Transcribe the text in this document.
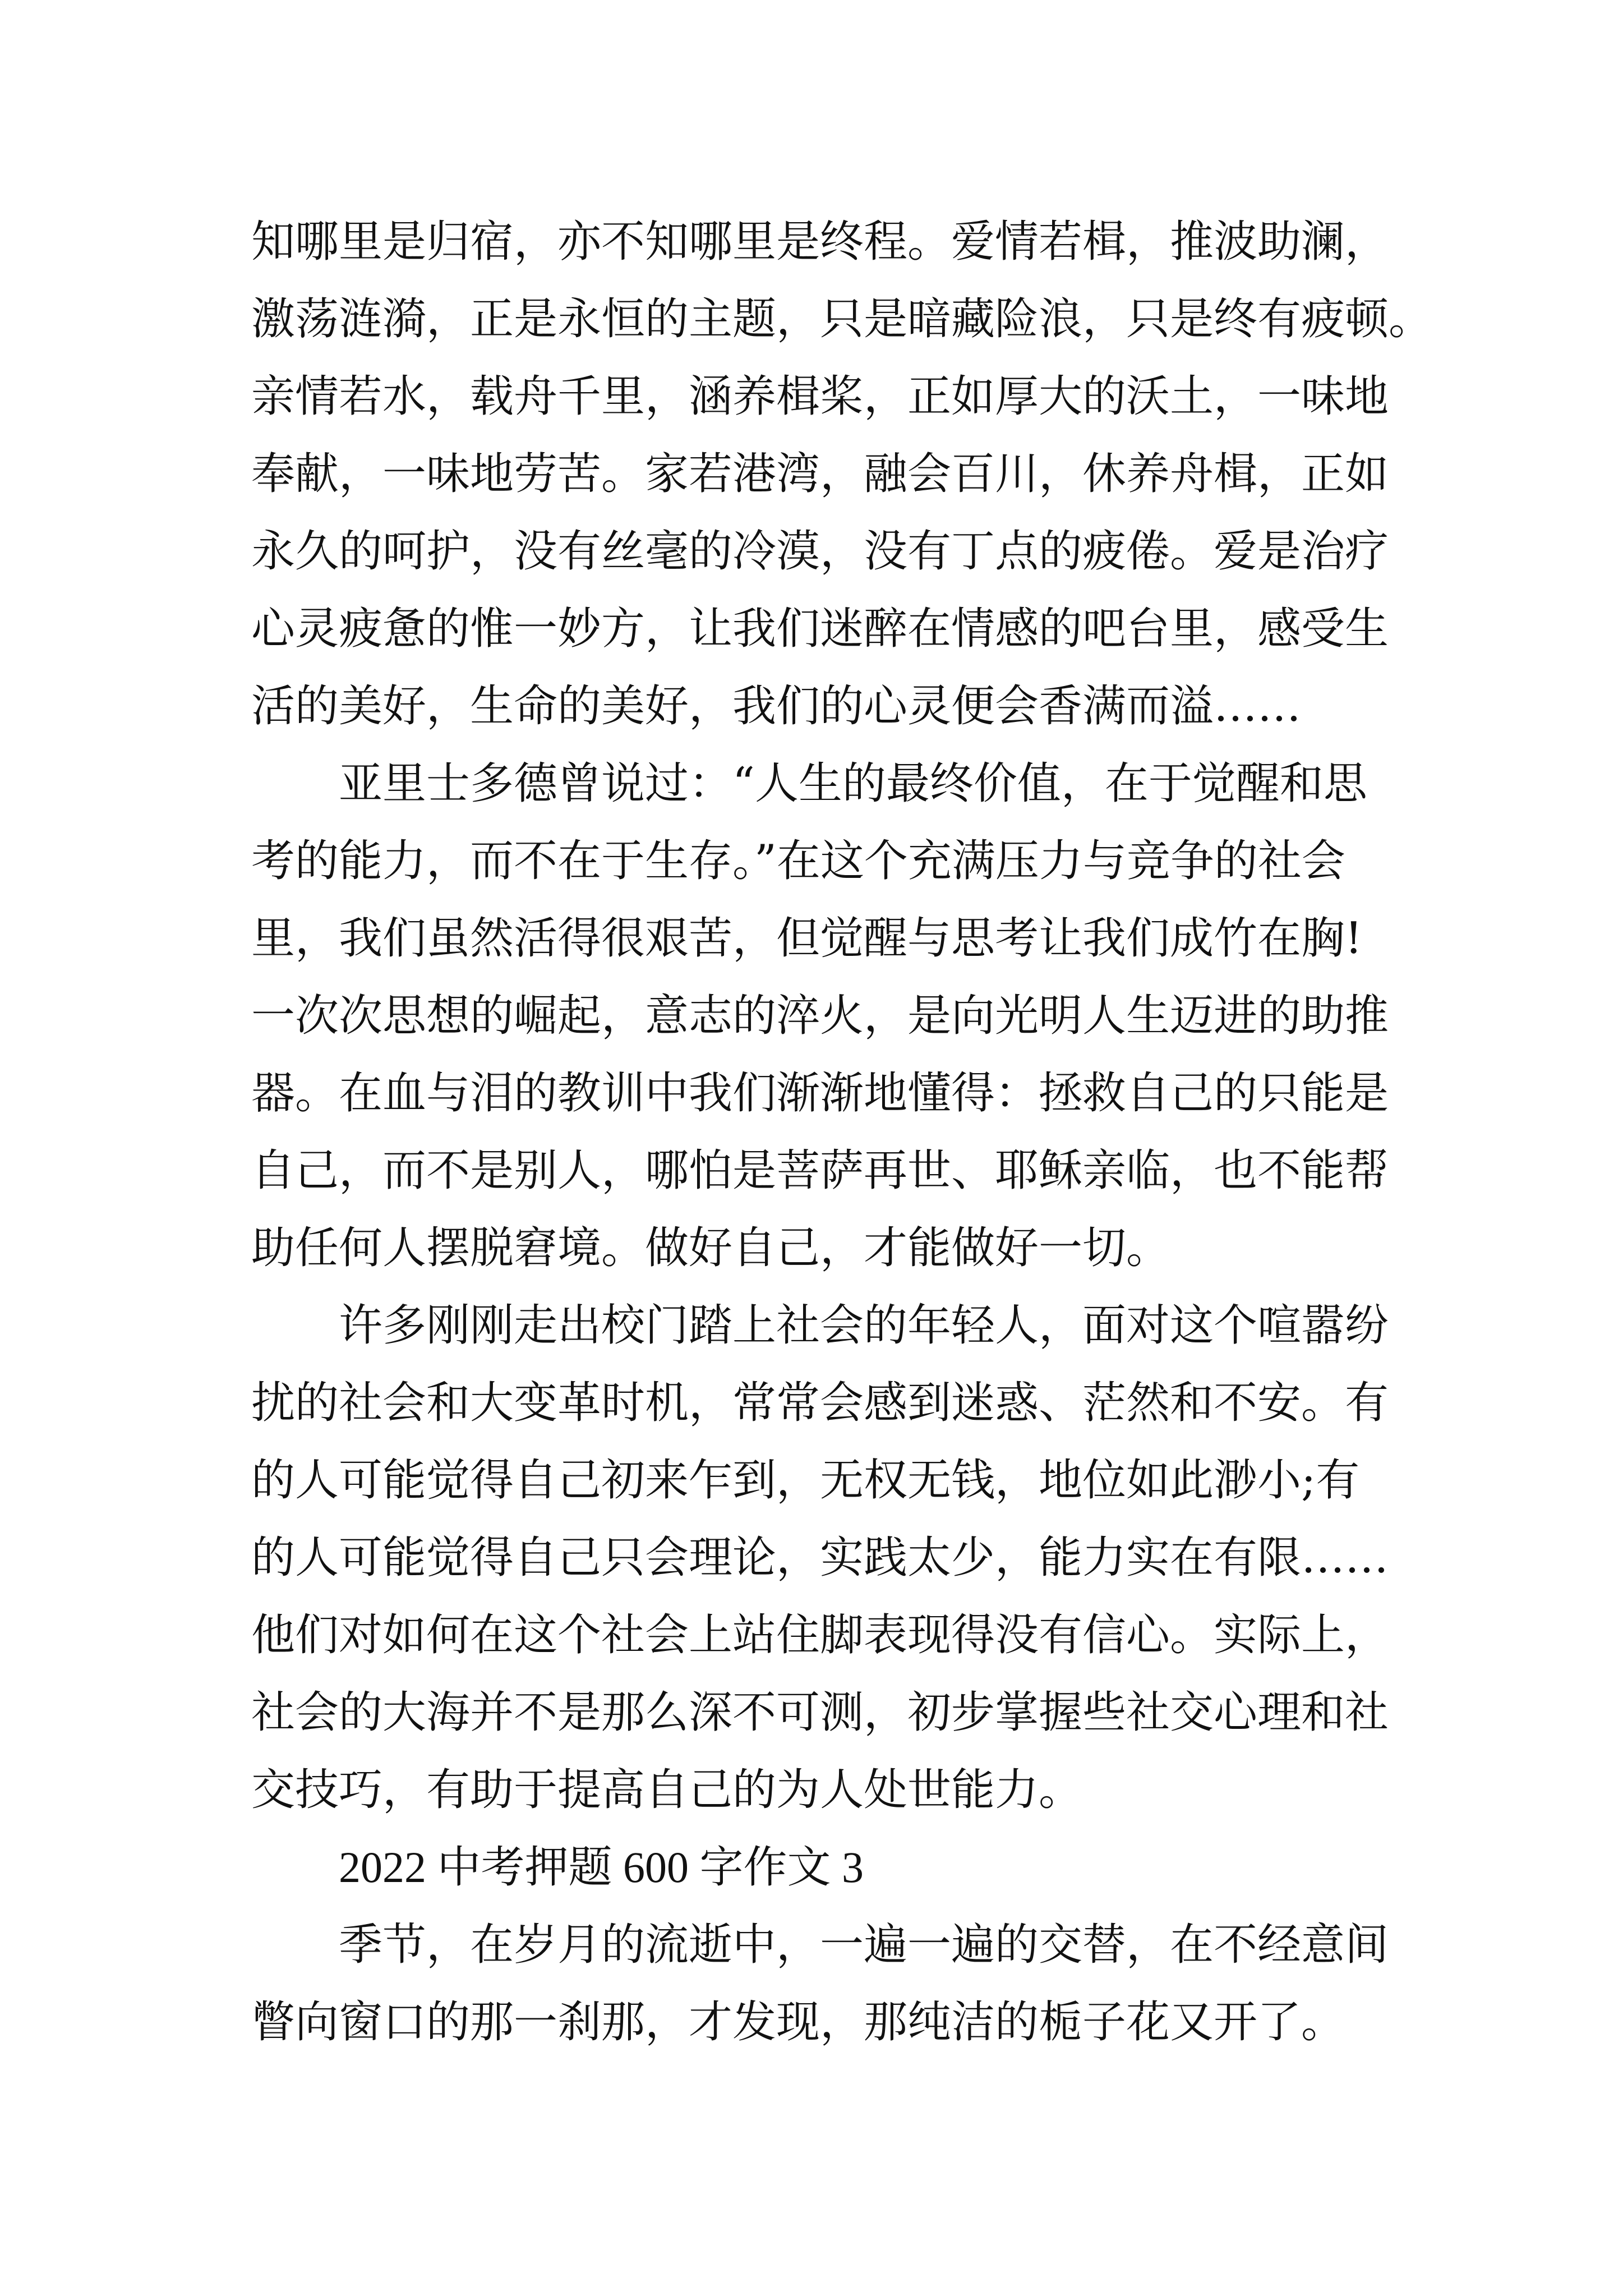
知哪里是归宿，亦不知哪里是终程。爱情若楫，推波助澜，
激荡涟漪，正是永恒的主题，只是暗藏险浪，只是终有疲顿。
亲情若水，载舟千里，涵养楫桨，正如厚大的沃土，一味地
奉献，一味地劳苦。家若港湾，融会百川，休养舟楫，正如
永久的呵护，没有丝毫的冷漠，没有丁点的疲倦。爱是治疗
心灵疲惫的惟一妙方，让我们迷醉在情感的吧台里，感受生
活的美好，生命的美好，我们的心灵便会香满而溢……
亚里士多德曾说过：“人生的最终价值，在于觉醒和思
考的能力，而不在于生存。”在这个充满压力与竞争的社会
里，我们虽然活得很艰苦，但觉醒与思考让我们成竹在胸!
一次次思想的崛起，意志的淬火，是向光明人生迈进的助推
器。在血与泪的教训中我们渐渐地懂得：拯救自己的只能是
自己，而不是别人，哪怕是菩萨再世、耶稣亲临，也不能帮
助任何人摆脱窘境。做好自己，才能做好一切。
许多刚刚走出校门踏上社会的年轻人，面对这个喧嚣纷
扰的社会和大变革时机，常常会感到迷惑、茫然和不安。有
的人可能觉得自己初来乍到，无权无钱，地位如此渺小;有
的人可能觉得自己只会理论，实践太少，能力实在有限……
他们对如何在这个社会上站住脚表现得没有信心。实际上，
社会的大海并不是那么深不可测，初步掌握些社交心理和社
交技巧，有助于提高自己的为人处世能力。
2022 中考押题 600 字作文 3
季节，在岁月的流逝中，一遍一遍的交替，在不经意间
瞥向窗口的那一刹那，才发现，那纯洁的栀子花又开了。
